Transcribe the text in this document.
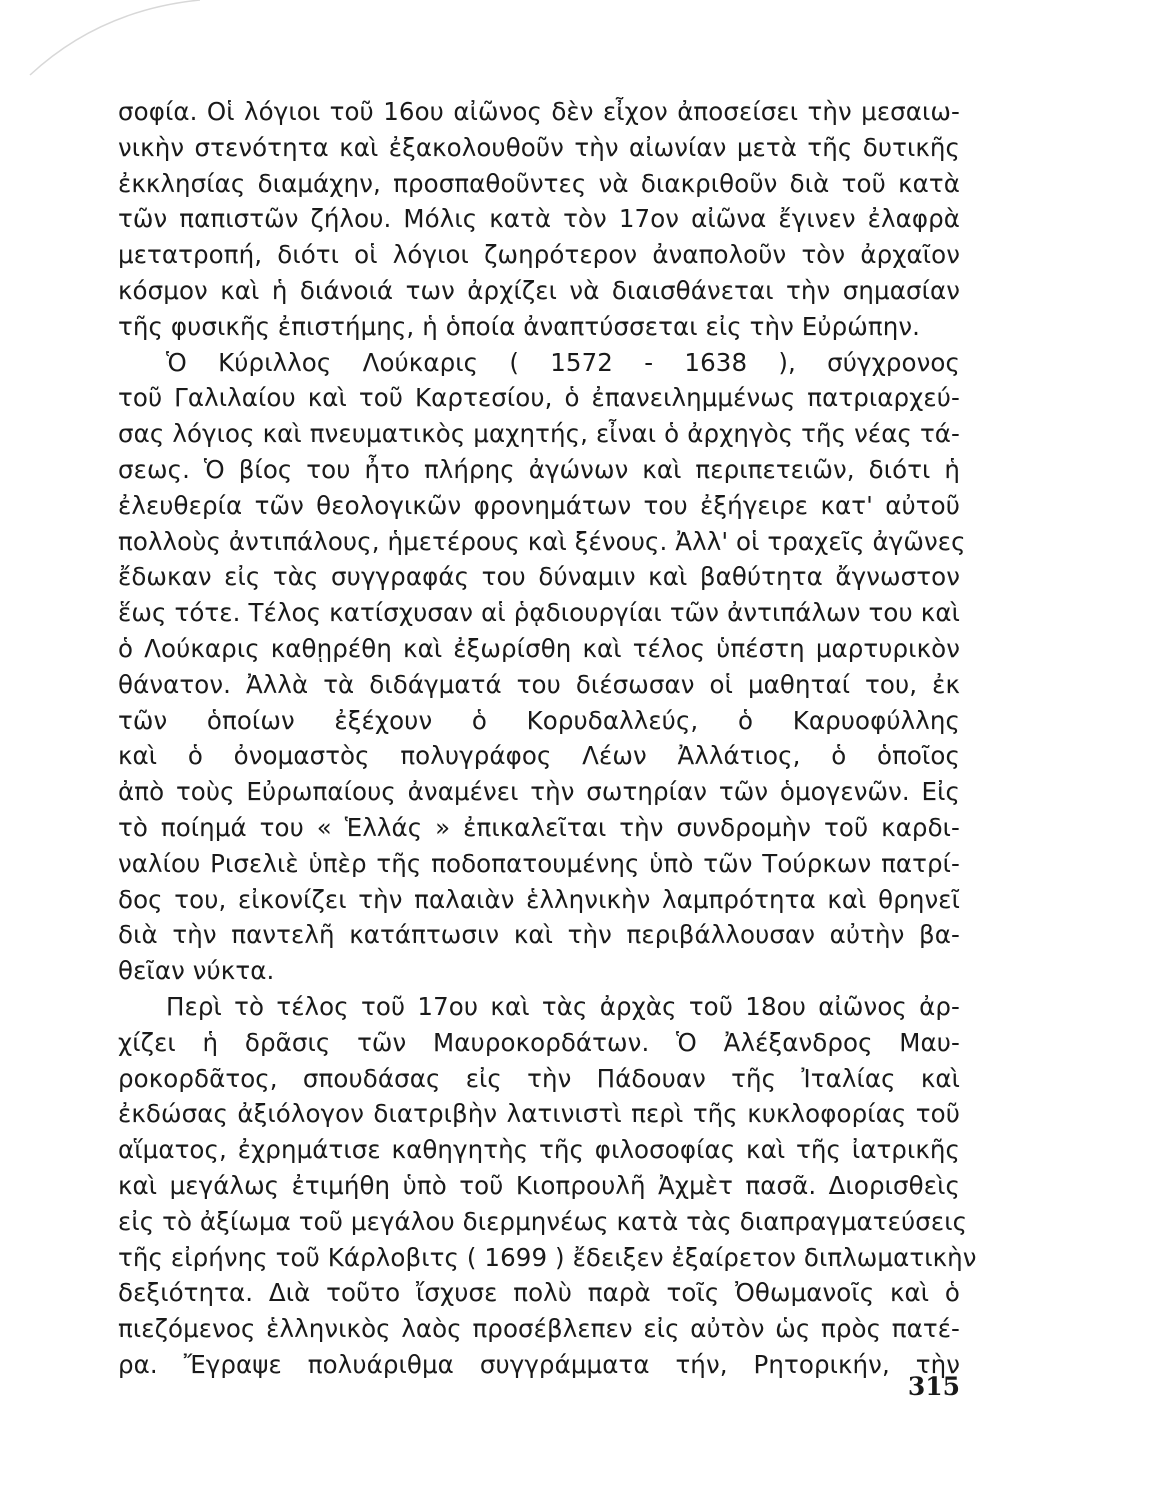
σοφία. Οἱ λόγιοι τοῦ 16ου αἰῶνος δὲν εἶχον ἀποσείσει τὴν μεσαιω-
νικὴν στενότητα καὶ ἐξακολουθοῦν τὴν αἰωνίαν μετὰ τῆς δυτικῆς
ἐκκλησίας διαμάχην, προσπαθοῦντες νὰ διακριθοῦν διὰ τοῦ κατὰ
τῶν παπιστῶν ζήλου. Μόλις κατὰ τὸν 17ον αἰῶνα ἔγινεν ἐλαφρὰ
μετατροπή, διότι οἱ λόγιοι ζωηρότερον ἀναπολοῦν τὸν ἀρχαῖον
κόσμον καὶ ἡ διάνοιά των ἀρχίζει νὰ διαισθάνεται τὴν σημασίαν
τῆς φυσικῆς ἐπιστήμης, ἡ ὁποία ἀναπτύσσεται εἰς τὴν Εὐρώπην.
Ὁ Κύριλλος Λούκαρις ( 1572 - 1638 ), σύγχρονος
τοῦ Γαλιλαίου καὶ τοῦ Καρτεσίου, ὁ ἐπανειλημμένως πατριαρχεύ-
σας λόγιος καὶ πνευματικὸς μαχητής, εἶναι ὁ ἀρχηγὸς τῆς νέας τά-
σεως. Ὁ βίος του ἦτο πλήρης ἀγώνων καὶ περιπετειῶν, διότι ἡ
ἐλευθερία τῶν θεολογικῶν φρονημάτων του ἐξήγειρε κατ' αὐτοῦ
πολλοὺς ἀντιπάλους, ἡμετέρους καὶ ξένους. Ἀλλ' οἱ τραχεῖς ἀγῶνες
ἔδωκαν εἰς τὰς συγγραφάς του δύναμιν καὶ βαθύτητα ἄγνωστον
ἕως τότε. Τέλος κατίσχυσαν αἱ ῥᾳδιουργίαι τῶν ἀντιπάλων του καὶ
ὁ Λούκαρις καθῃρέθη καὶ ἐξωρίσθη καὶ τέλος ὑπέστη μαρτυρικὸν
θάνατον. Ἀλλὰ τὰ διδάγματά του διέσωσαν οἱ μαθηταί του, ἐκ
τῶν ὁποίων ἐξέχουν ὁ Κορυδαλλεύς, ὁ Καρυοφύλλης
καὶ ὁ ὀνομαστὸς πολυγράφος Λέων Ἀλλάτιος, ὁ ὁποῖος
ἀπὸ τοὺς Εὐρωπαίους ἀναμένει τὴν σωτηρίαν τῶν ὁμογενῶν. Εἰς
τὸ ποίημά του « Ἑλλάς » ἐπικαλεῖται τὴν συνδρομὴν τοῦ καρδι-
ναλίου Ρισελιὲ ὑπὲρ τῆς ποδοπατουμένης ὑπὸ τῶν Τούρκων πατρί-
δος του, εἰκονίζει τὴν παλαιὰν ἑλληνικὴν λαμπρότητα καὶ θρηνεῖ
διὰ τὴν παντελῆ κατάπτωσιν καὶ τὴν περιβάλλουσαν αὐτὴν βα-
θεῖαν νύκτα.
Περὶ τὸ τέλος τοῦ 17ου καὶ τὰς ἀρχὰς τοῦ 18ου αἰῶνος ἀρ-
χίζει ἡ δρᾶσις τῶν Μαυροκορδάτων. Ὁ Ἀλέξανδρος Μαυ-
ροκορδᾶτος, σπουδάσας εἰς τὴν Πάδουαν τῆς Ἰταλίας καὶ
ἐκδώσας ἀξιόλογον διατριβὴν λατινιστὶ περὶ τῆς κυκλοφορίας τοῦ
αἵματος, ἐχρημάτισε καθηγητὴς τῆς φιλοσοφίας καὶ τῆς ἰατρικῆς
καὶ μεγάλως ἐτιμήθη ὑπὸ τοῦ Κιοπρουλῆ Ἀχμὲτ πασᾶ. Διορισθεὶς
εἰς τὸ ἀξίωμα τοῦ μεγάλου διερμηνέως κατὰ τὰς διαπραγματεύσεις
τῆς εἰρήνης τοῦ Κάρλοβιτς ( 1699 ) ἔδειξεν ἐξαίρετον διπλωματικὴν
δεξιότητα. Διὰ τοῦτο ἴσχυσε πολὺ παρὰ τοῖς Ὀθωμανοῖς καὶ ὁ
πιεζόμενος ἑλληνικὸς λαὸς προσέβλεπεν εἰς αὐτὸν ὡς πρὸς πατέ-
ρα. Ἔγραψε πολυάριθμα συγγράμματα τήν, Ρητορικήν, τὴν
315
